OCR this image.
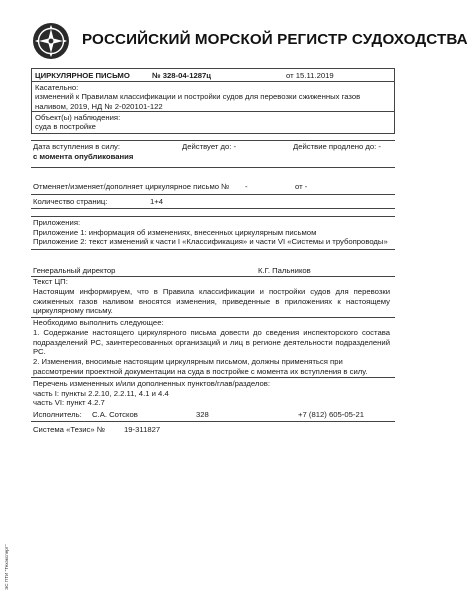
РОССИЙСКИЙ МОРСКОЙ РЕГИСТР СУДОХОДСТВА
ЦИРКУЛЯРНОЕ ПИСЬМО	№ 328-04-1287ц	от 15.11.2019
Касательно:
изменений к Правилам классификации и постройки судов для перевозки сжиженных газов наливом, 2019, НД № 2-020101-122
Объект(ы) наблюдения:
суда в постройке
Дата вступления в силу:	Действует до: -	Действие продлено до: -
с момента опубликования
Отменяет/изменяет/дополняет циркулярное письмо № -	от -
Количество страниц:	1+4
Приложения:
Приложение 1: информация об изменениях, внесенных циркулярным письмом
Приложение 2: текст изменений к части I «Классификация» и части VI «Системы и трубопроводы»
Генеральный директор	К.Г. Пальников
Текст ЦП:
Настоящим информируем, что в Правила классификации и постройки судов для перевозки сжиженных газов наливом вносятся изменения, приведенные в приложениях к настоящему циркулярному письму.
Необходимо выполнить следующее:
1. Содержание настоящего циркулярного письма довести до сведения инспекторского состава подразделений РС, заинтересованных организаций и лиц в регионе деятельности подразделений РС.
2. Изменения, вносимые настоящим циркулярным письмом, должны применяться при рассмотрении проектной документации на суда в постройке с момента их вступления в силу.
Перечень измененных и/или дополненных пунктов/глав/разделов:
часть I: пункты 2.2.10, 2.2.11, 4.1 и 4.4
часть VI: пункт 4.2.7
Исполнитель: С.А. Сотсков	328	+7 (812) 605-05-21
Система «Тезис» № 19-311827
ЭС ПТИ "Техэксперт"
